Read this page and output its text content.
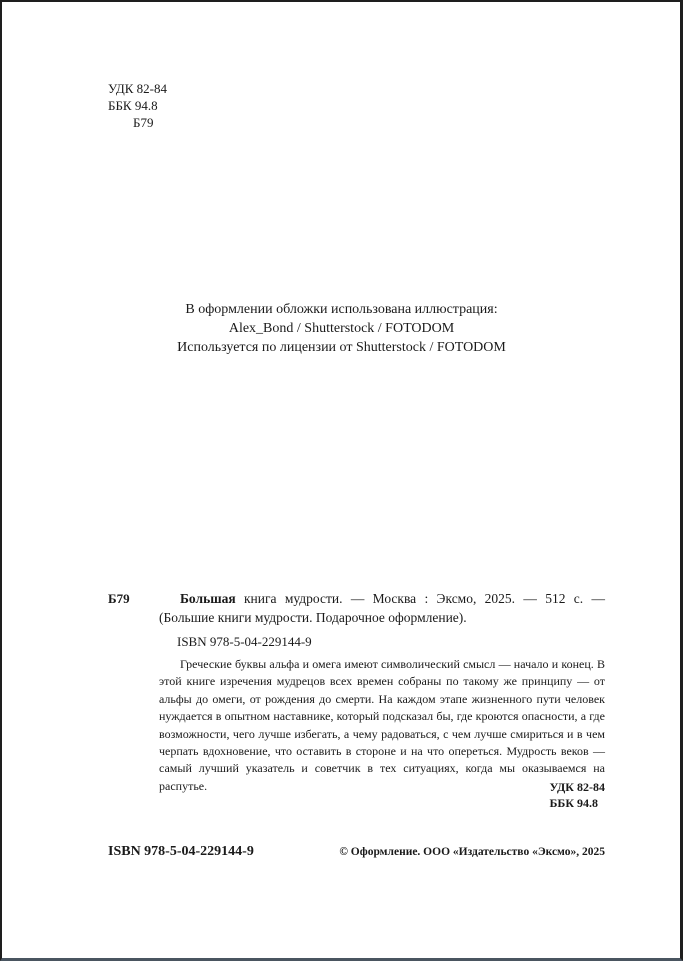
УДК 82-84
ББК 94.8
Б79
В оформлении обложки использована иллюстрация:
Alex_Bond / Shutterstock / FOTODOM
Используется по лицензии от Shutterstock / FOTODOM
Б79	Большая книга мудрости. — Москва : Эксмо, 2025. — 512 с. —
(Большие книги мудрости. Подарочное оформление).
ISBN 978-5-04-229144-9

Греческие буквы альфа и омега имеют символический смысл — начало и конец. В этой книге изречения мудрецов всех времен собраны по такому же принципу — от альфы до омеги, от рождения до смерти. На каждом этапе жизненного пути человек нуждается в опытном наставнике, который подсказал бы, где кроются опасности, а где возможности, чего лучше избегать, а чему радоваться, с чем лучше смириться и в чем черпать вдохновение, что оставить в стороне и на что опереться. Мудрость веков — самый лучший указатель и советчик в тех ситуациях, когда мы оказываемся на распутье.	УДК 82-84
ББК 94.8
ISBN 978-5-04-229144-9	© Оформление. ООО «Издательство «Эксмо», 2025
